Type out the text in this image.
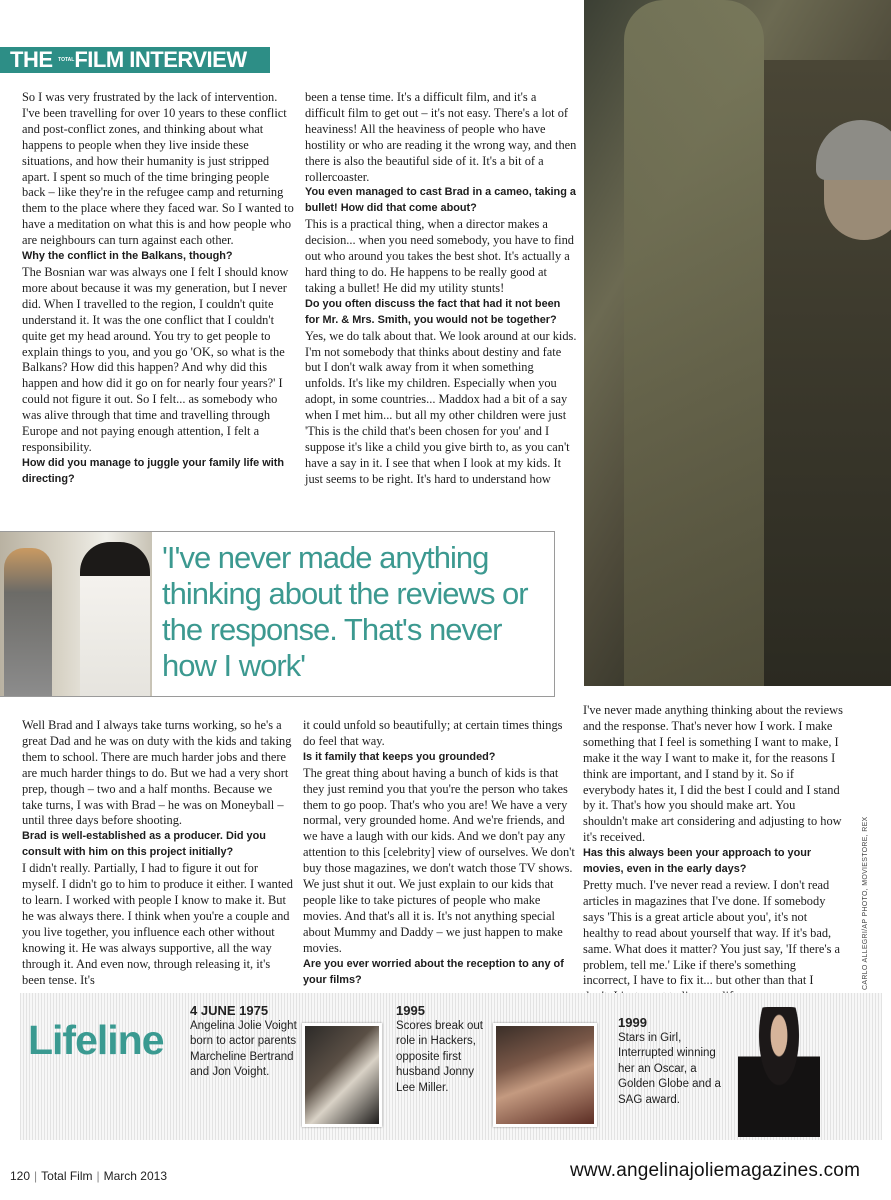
THE $^{TOTAL}$FILM INTERVIEW

So I was very frustrated by the lack of intervention. I've been travelling for over 10 years to these conflict and post-conflict zones, and thinking about what happens to people when they live inside these situations, and how their humanity is just stripped apart. I spent so much of the time bringing people back – like they're in the refugee camp and returning them to the place where they faced war. So I wanted to have a meditation on what this is and how people who are neighbours can turn against each other.

Why the conflict in the Balkans, though?

The Bosnian war was always one I felt I should know more about because it was my generation, but I never did. When I travelled to the region, I couldn't quite understand it. It was the one conflict that I couldn't quite get my head around. You try to get people to explain things to you, and you go 'OK, so what is the Balkans? How did this happen? And why did this happen and how did it go on for nearly four years?' I could not figure it out. So I felt... as somebody who was alive through that time and travelling through Europe and not paying enough attention, I felt a responsibility.

How did you manage to juggle your family life with directing?

been a tense time. It's a difficult film, and it's a difficult film to get out – it's not easy. There's a lot of heaviness! All the heaviness of people who have hostility or who are reading it the wrong way, and then there is also the beautiful side of it. It's a bit of a rollercoaster.

You even managed to cast Brad in a cameo, taking a bullet! How did that come about?

This is a practical thing, when a director makes a decision... when you need somebody, you have to find out who around you takes the best shot. It's actually a hard thing to do. He happens to be really good at taking a bullet! He did my utility stunts!

Do you often discuss the fact that had it not been for Mr. & Mrs. Smith, you would not be together?

Yes, we do talk about that. We look around at our kids. I'm not somebody that thinks about destiny and fate but I don't walk away from it when something unfolds. It's like my children. Especially when you adopt, in some countries... Maddox had a bit of a say when I met him... but all my other children were just 'This is the child that's been chosen for you' and I suppose it's like a child you give birth to, as you can't have a say in it. I see that when I look at my kids. It just seems to be right. It's hard to understand how

'I've never made anything thinking about the reviews or the response. That's never how I work'

Well Brad and I always take turns working, so he's a great Dad and he was on duty with the kids and taking them to school. There are much harder jobs and there are much harder things to do. But we had a very short prep, though – two and a half months. Because we take turns, I was with Brad – he was on Moneyball – until three days before shooting.

Brad is well-established as a producer. Did you consult with him on this project initially?

I didn't really. Partially, I had to figure it out for myself. I didn't go to him to produce it either. I wanted to learn. I worked with people I know to make it. But he was always there. I think when you're a couple and you live together, you influence each other without knowing it. He was always supportive, all the way through it. And even now, through releasing it, it's been tense. It's

it could unfold so beautifully; at certain times things do feel that way.

Is it family that keeps you grounded?

The great thing about having a bunch of kids is that they just remind you that you're the person who takes them to go poop. That's who you are! We have a very normal, very grounded home. And we're friends, and we have a laugh with our kids. And we don't pay any attention to this [celebrity] view of ourselves. We don't buy those magazines, we don't watch those TV shows. We just shut it out. We just explain to our kids that people like to take pictures of people who make movies. And that's all it is. It's not anything special about Mummy and Daddy – we just happen to make movies.

Are you ever worried about the reception to any of your films?

I've never made anything thinking about the reviews and the response. That's never how I work. I make something that I feel is something I want to make, I make it the way I want to make it, for the reasons I think are important, and I stand by it. So if everybody hates it, I did the best I could and I stand by it. That's how you should make art. You shouldn't make art considering and adjusting to how it's received.

Has this always been your approach to your movies, even in the early days?

Pretty much. I've never read a review. I don't read articles in magazines that I've done. If somebody says 'This is a great article about you', it's not healthy to read about yourself that way. If it's bad, same. What does it matter? You just say, 'If there's a problem, tell me.' Like if there's something incorrect, I have to fix it... but other than that I	CARLO ALLEGRI/AP PHOTO, MOVIESTORE, REX
Lifeline
4 JUNE 1975
Angelina Jolie Voight born to actor parents Marcheline Bertrand and Jon Voight.
1995
Scores break out role in Hackers, opposite first husband Jonny Lee Miller.
1999
Stars in Girl, Interrupted winning her an Oscar, a Golden Globe and a SAG award.
120 | Total Film | March 2013	www.angelinajoliemagazines.com
